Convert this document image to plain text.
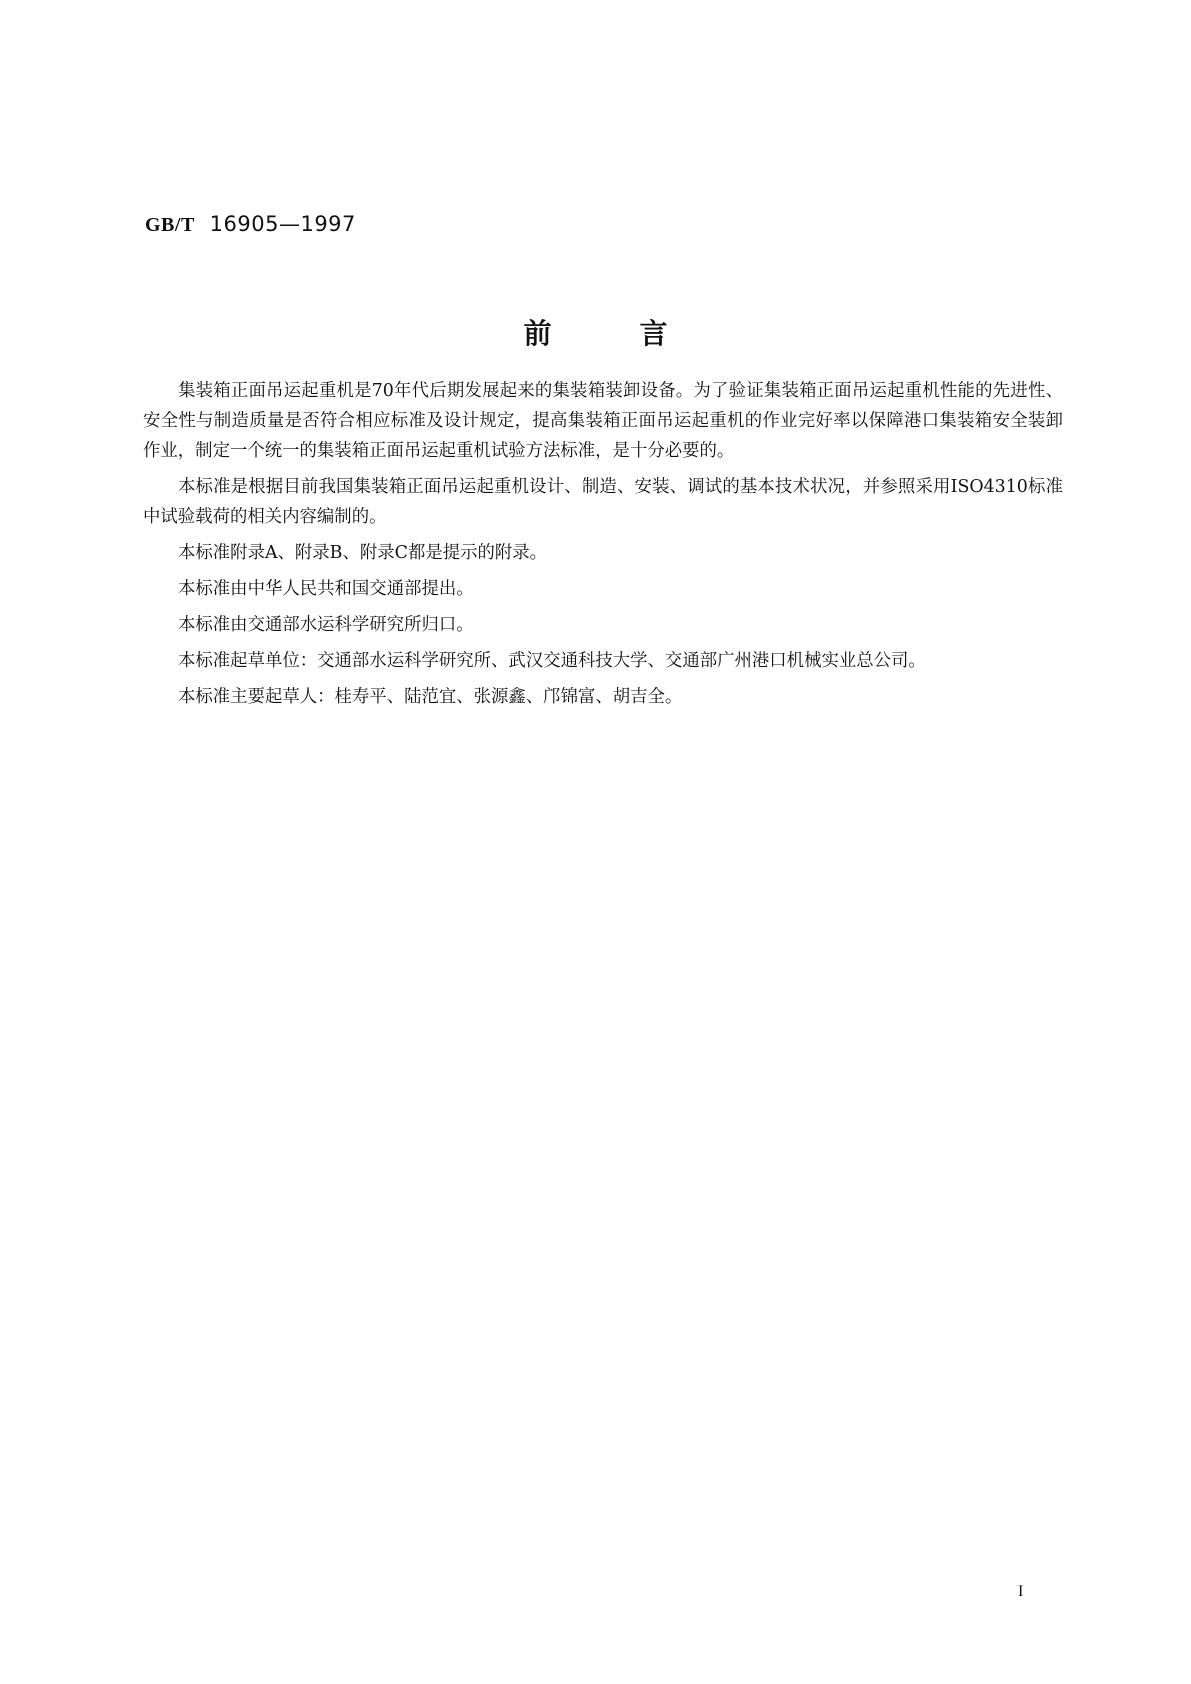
GB/T 16905—1997
前言

集装箱正面吊运起重机是70年代后期发展起来的集装箱装卸设备。为了验证集装箱正面吊运起重机性能的先进性、安全性与制造质量是否符合相应标准及设计规定，提高集装箱正面吊运起重机的作业完好率以保障港口集装箱安全装卸作业，制定一个统一的集装箱正面吊运起重机试验方法标准，是十分必要的。

本标准是根据目前我国集装箱正面吊运起重机设计、制造、安装、调试的基本技术状况，并参照采用ISO4310标准中试验载荷的相关内容编制的。

本标准附录A、附录B、附录C都是提示的附录。

本标准由中华人民共和国交通部提出。

本标准由交通部水运科学研究所归口。

本标准起草单位：交通部水运科学研究所、武汉交通科技大学、交通部广州港口机械实业总公司。

本标准主要起草人：桂寿平、陆范宜、张源鑫、邝锦富、胡吉全。

I
